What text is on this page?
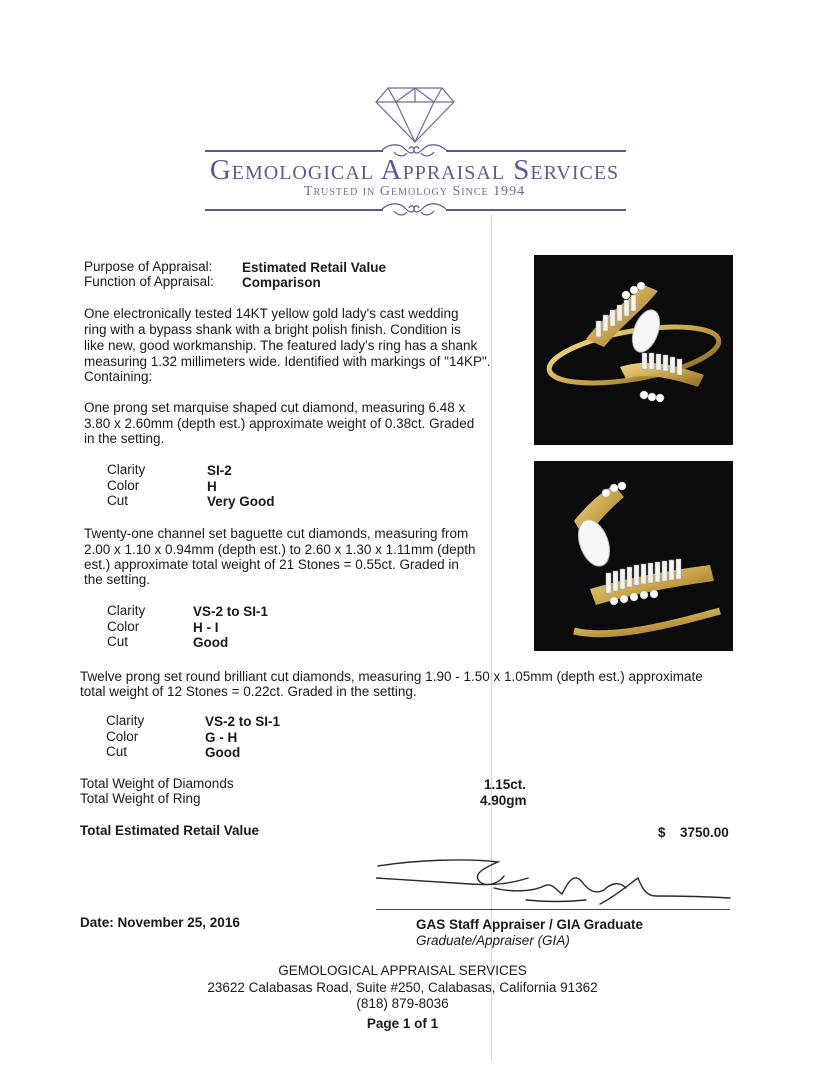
Gemological Appraisal Services
Trusted in Gemology Since 1994
Purpose of Appraisal: Estimated Retail Value
Function of Appraisal: Comparison
One electronically tested 14KT yellow gold lady's cast wedding
ring with a bypass shank with a bright polish finish. Condition is
like new, good workmanship. The featured lady's ring has a shank
measuring 1.32 millimeters wide. Identified with markings of "14KP".
Containing:
One prong set marquise shaped cut diamond, measuring 6.48 x
3.80 x 2.60mm (depth est.) approximate weight of 0.38ct. Graded
in the setting.
Clarity	SI-2
Color	H
Cut	Very Good
Twenty-one channel set baguette cut diamonds, measuring from
2.00 x 1.10 x 0.94mm (depth est.) to 2.60 x 1.30 x 1.11mm (depth
est.) approximate total weight of 21 Stones = 0.55ct. Graded in
the setting.
Clarity	VS-2 to SI-1
Color	H - I
Cut	Good
Twelve prong set round brilliant cut diamonds, measuring 1.90 - 1.50 x 1.05mm (depth est.) approximate
total weight of 12 Stones = 0.22ct. Graded in the setting.
Clarity	VS-2 to SI-1
Color	G - H
Cut	Good
Total Weight of Diamonds	1.15ct.
Total Weight of Ring	4.90gm
Total Estimated Retail Value	$ 3750.00
Date: November 25, 2016	GAS Staff Appraiser / GIA Graduate
Graduate/Appraiser (GIA)
GEMOLOGICAL APPRAISAL SERVICES
23622 Calabasas Road, Suite #250, Calabasas, California 91362
(818) 879-8036
Page 1 of 1
